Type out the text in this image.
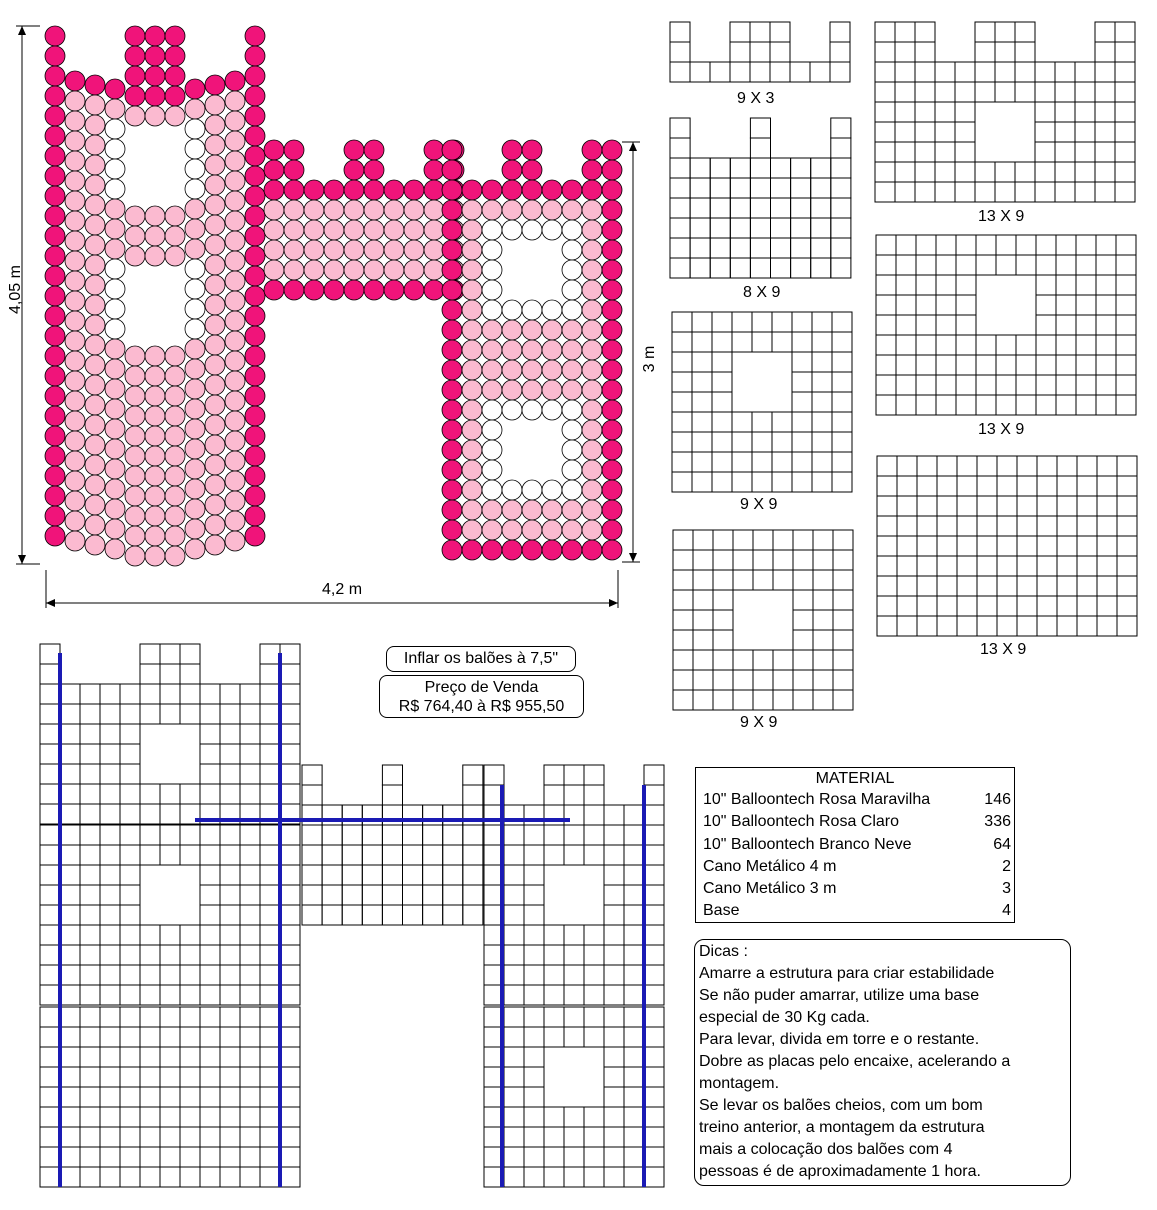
4,05 m
3 m
4,2 m
9 X 3
8 X 9
9 X 9
9 X 9
13 X 9
13 X 9
13 X 9
Inflar os balões à 7,5"
Preço de Venda
R$ 764,40 à R$ 955,50
MATERIAL
10" Balloontech Rosa Maravilha	146
10" Balloontech Rosa Claro	336
10" Balloontech Branco Neve	64
Cano Metálico 4 m	2
Cano Metálico 3 m	3
Base	4
Dicas :
Amarre a estrutura para criar estabilidade
Se não puder amarrar, utilize uma base
especial de 30 Kg cada.
Para levar, divida em torre e o restante.
Dobre as placas pelo encaixe, acelerando a
montagem.
Se levar os balões cheios, com um bom
treino anterior, a montagem da estrutura
mais a colocação dos balões com 4
pessoas é de aproximadamente 1 hora.
